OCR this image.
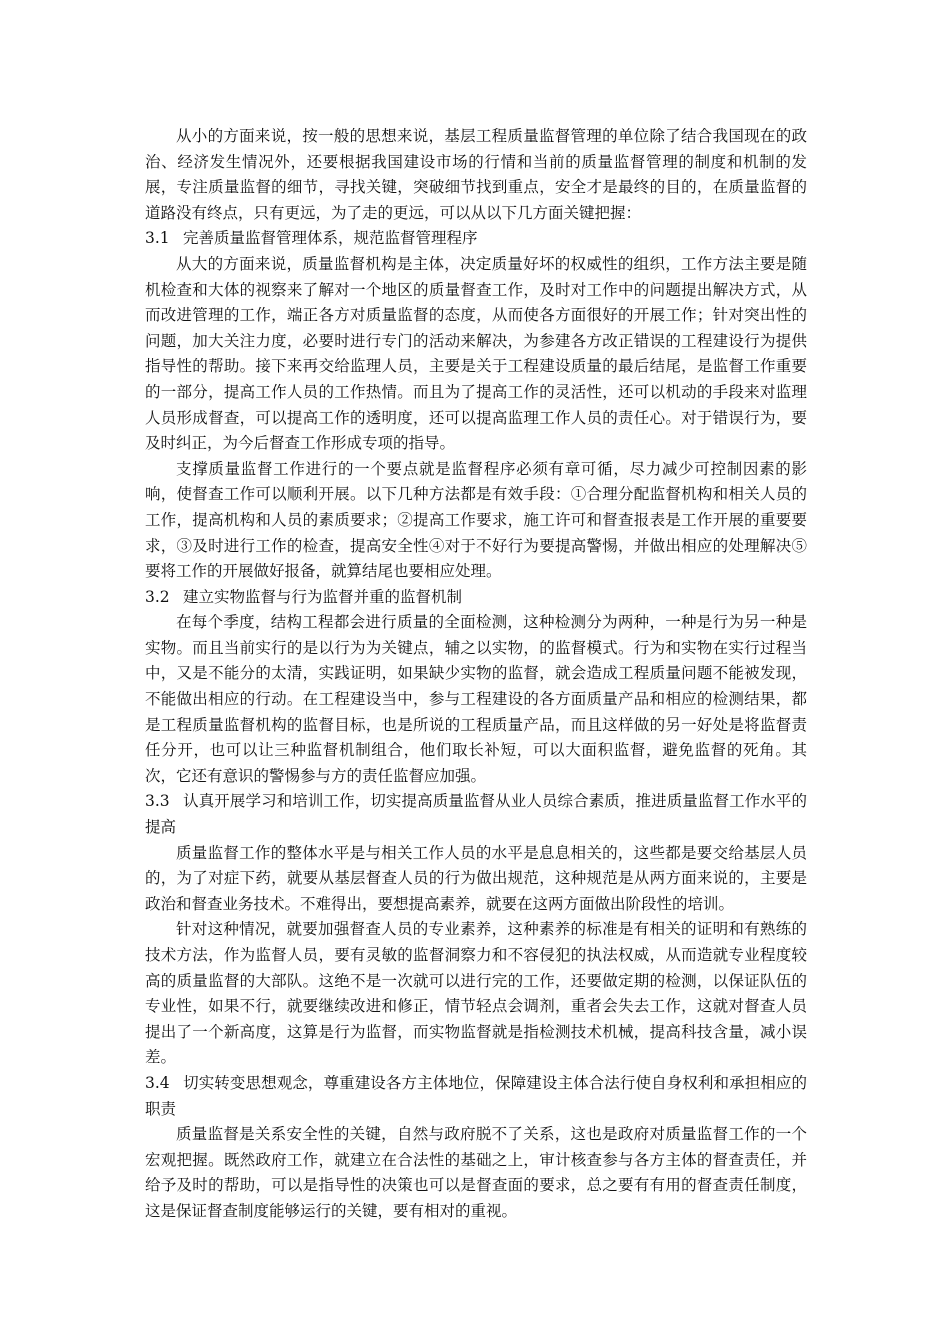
从小的方面来说，按一般的思想来说，基层工程质量监督管理的单位除了结合我国现在的政治、经济发生情况外，还要根据我国建设市场的行情和当前的质量监督管理的制度和机制的发展，专注质量监督的细节，寻找关键，突破细节找到重点，安全才是最终的目的，在质量监督的道路没有终点，只有更远，为了走的更远，可以从以下几方面关键把握：

3.1 完善质量监督管理体系，规范监督管理程序

从大的方面来说，质量监督机构是主体，决定质量好坏的权威性的组织，工作方法主要是随机检查和大体的视察来了解对一个地区的质量督查工作，及时对工作中的问题提出解决方式，从而改进管理的工作，端正各方对质量监督的态度，从而使各方面很好的开展工作；针对突出性的问题，加大关注力度，必要时进行专门的活动来解决，为参建各方改正错误的工程建设行为提供指导性的帮助。接下来再交给监理人员，主要是关于工程建设质量的最后结尾，是监督工作重要的一部分，提高工作人员的工作热情。而且为了提高工作的灵活性，还可以机动的手段来对监理人员形成督查，可以提高工作的透明度，还可以提高监理工作人员的责任心。对于错误行为，要及时纠正，为今后督查工作形成专项的指导。

支撑质量监督工作进行的一个要点就是监督程序必须有章可循，尽力减少可控制因素的影响，使督查工作可以顺利开展。以下几种方法都是有效手段：①合理分配监督机构和相关人员的工作，提高机构和人员的素质要求；②提高工作要求，施工许可和督查报表是工作开展的重要要求，③及时进行工作的检查，提高安全性④对于不好行为要提高警惕，并做出相应的处理解决⑤要将工作的开展做好报备，就算结尾也要相应处理。

3.2 建立实物监督与行为监督并重的监督机制

在每个季度，结构工程都会进行质量的全面检测，这种检测分为两种，一种是行为另一种是实物。而且当前实行的是以行为为关键点，辅之以实物，的监督模式。行为和实物在实行过程当中，又是不能分的太清，实践证明，如果缺少实物的监督，就会造成工程质量问题不能被发现，不能做出相应的行动。在工程建设当中，参与工程建设的各方面质量产品和相应的检测结果，都是工程质量监督机构的监督目标，也是所说的工程质量产品，而且这样做的另一好处是将监督责任分开，也可以让三种监督机制组合，他们取长补短，可以大面积监督，避免监督的死角。其次，它还有意识的警惕参与方的责任监督应加强。

3.3 认真开展学习和培训工作，切实提高质量监督从业人员综合素质，推进质量监督工作水平的提高

质量监督工作的整体水平是与相关工作人员的水平是息息相关的，这些都是要交给基层人员的，为了对症下药，就要从基层督查人员的行为做出规范，这种规范是从两方面来说的，主要是政治和督查业务技术。不难得出，要想提高素养，就要在这两方面做出阶段性的培训。

针对这种情况，就要加强督查人员的专业素养，这种素养的标准是有相关的证明和有熟练的技术方法，作为监督人员，要有灵敏的监督洞察力和不容侵犯的执法权威，从而造就专业程度较高的质量监督的大部队。这绝不是一次就可以进行完的工作，还要做定期的检测，以保证队伍的专业性，如果不行，就要继续改进和修正，情节轻点会调剂，重者会失去工作，这就对督查人员提出了一个新高度，这算是行为监督，而实物监督就是指检测技术机械，提高科技含量，减小误差。

3.4 切实转变思想观念，尊重建设各方主体地位，保障建设主体合法行使自身权利和承担相应的职责

质量监督是关系安全性的关键，自然与政府脱不了关系，这也是政府对质量监督工作的一个宏观把握。既然政府工作，就建立在合法性的基础之上，审计核查参与各方主体的督查责任，并给予及时的帮助，可以是指导性的决策也可以是督查面的要求，总之要有有用的督查责任制度，这是保证督查制度能够运行的关键，要有相对的重视。
